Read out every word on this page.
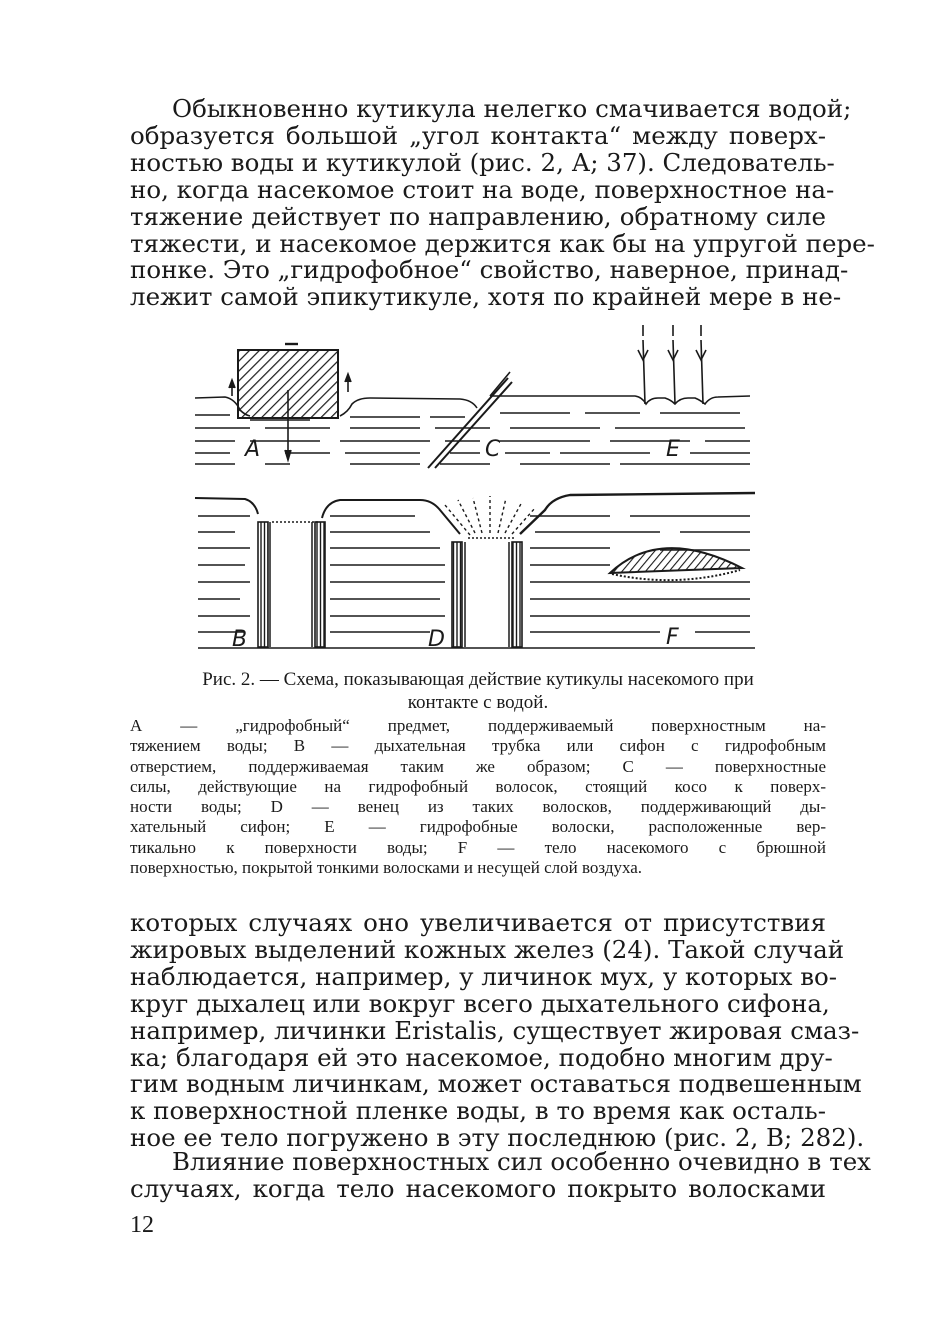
Обыкновенно кутикула нелегко смачивается водой;
образуется большой „угол контакта“ между поверх-
ностью воды и кутикулой (рис. 2, А; 37). Следователь-
но, когда насекомое стоит на воде, поверхностное на-
тяжение действует по направлению, обратному силе
тяжести, и насекомое держится как бы на упругой пере-
понке. Это „гидрофобное“ свойство, наверное, принад-
лежит самой эпикутикуле, хотя по крайней мере в не-
А	С	Е
В	D	F
Рис. 2. — Схема, показывающая действие кутикулы насекомого при
контакте с водой.
А — „гидрофобный“ предмет, поддерживаемый поверхностным на-
тяжением воды; В — дыхательная трубка или сифон с гидрофобным
отверстием, поддерживаемая таким же образом; С — поверхностные
силы, действующие на гидрофобный волосок, стоящий косо к поверх-
ности воды; D — венец из таких волосков, поддерживающий ды-
хательный сифон; Е — гидрофобные волоски, расположенные вер-
тикально к поверхности воды; F — тело насекомого с брюшной
поверхностью, покрытой тонкими волосками и несущей слой воздуха.
которых случаях оно увеличивается от присутствия
жировых выделений кожных желез (24). Такой случай
наблюдается, например, у личинок мух, у которых во-
круг дыхалец или вокруг всего дыхательного сифона,
например, личинки Eristalis, существует жировая смаз-
ка; благодаря ей это насекомое, подобно многим дру-
гим водным личинкам, может оставаться подвешенным
к поверхностной пленке воды, в то время как осталь-
ное ее тело погружено в эту последнюю (рис. 2, В; 282).
Влияние поверхностных сил особенно очевидно в тех
случаях, когда тело насекомого покрыто волосками
12
